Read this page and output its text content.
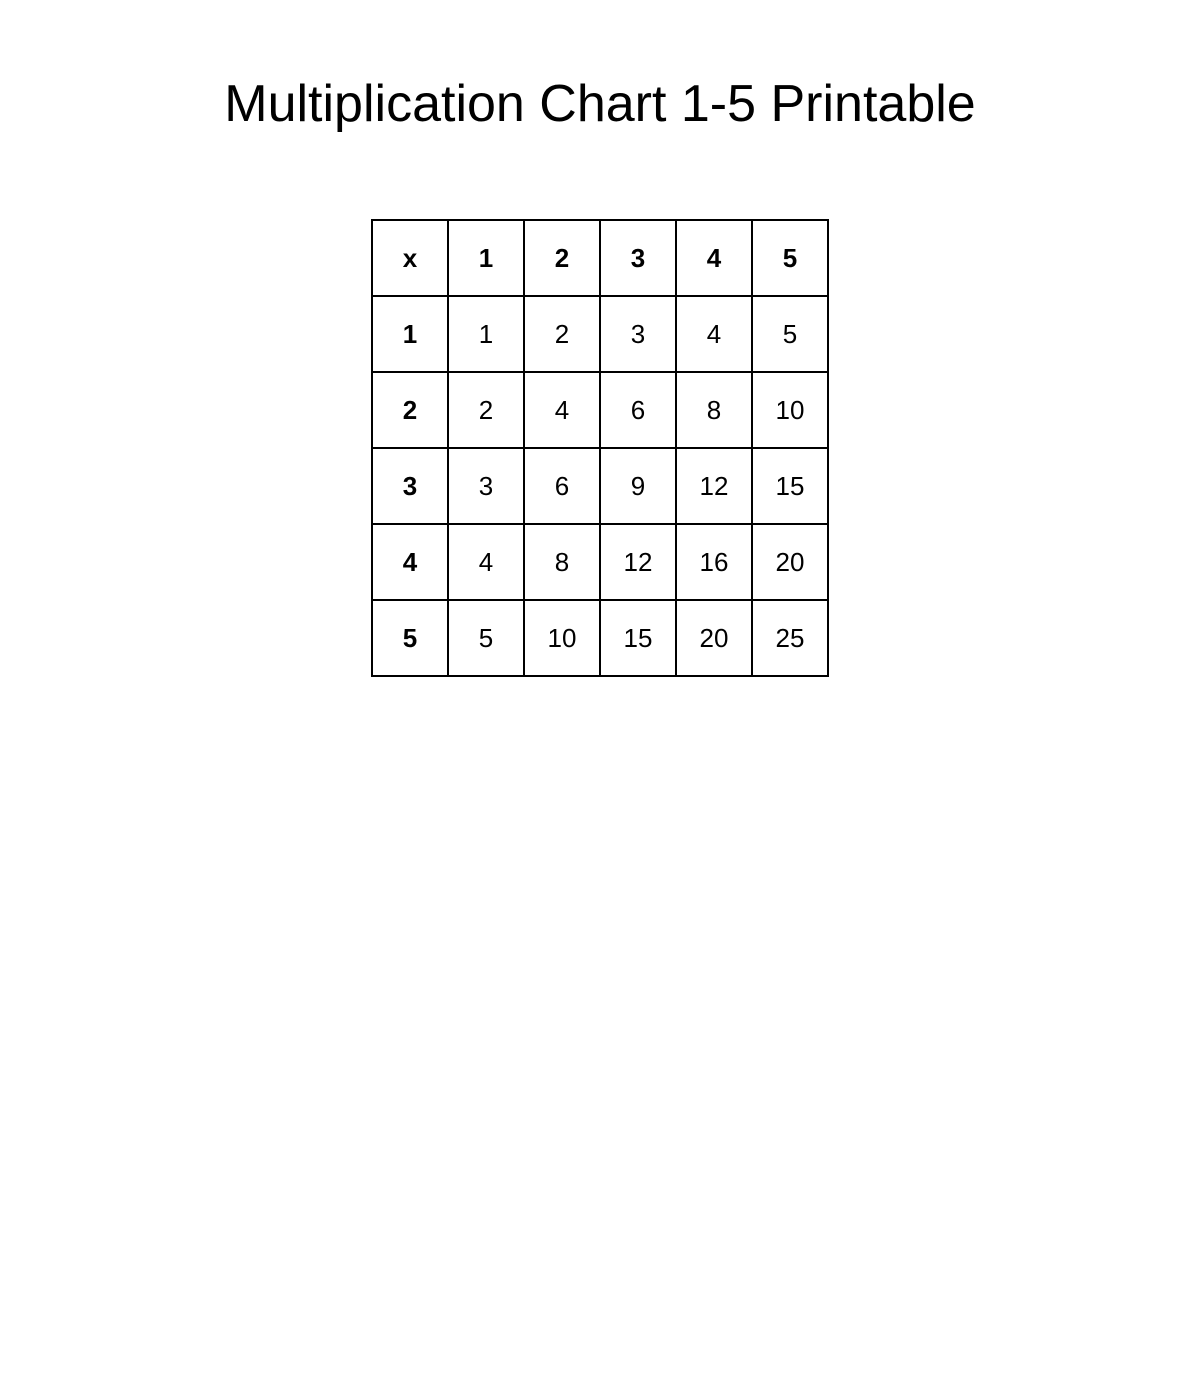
Multiplication Chart 1-5 Printable
x	1	2	3	4	5
1	1	2	3	4	5
2	2	4	6	8	10
3	3	6	9	12	15
4	4	8	12	16	20
5	5	10	15	20	25
